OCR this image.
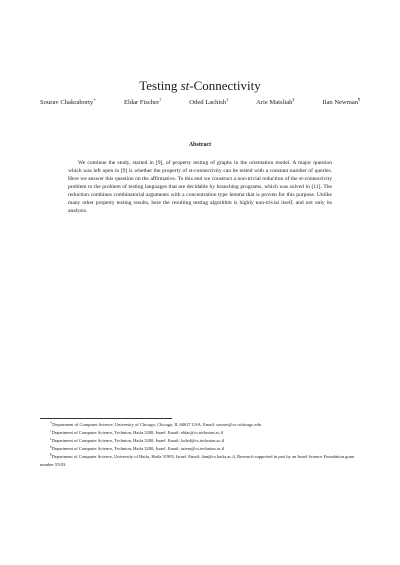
Testing st-Connectivity
Sourav Chakraborty∗	Eldar Fischer†	Oded Lachish‡	Arie Matsliah§	Ilan Newman¶
Abstract

We continue the study, started in [9], of property testing of graphs in the orientation model. A major question which was left open in [9] is whether the property of st-connectivity can be tested with a constant number of queries. Here we answer this question on the affirmative. To this end we construct a non-trivial reduction of the st-connectivity problem to the problem of testing languages that are decidable by branching programs, which was solved in [11]. The reduction combines combinatorial arguments with a concentration type lemma that is proven for this purpose. Unlike many other property testing results, here the resulting testing algorithm is highly non-trivial itself, and not only its analysis.

∗Department of Computer Science, University of Chicago, Chicago, IL 60637 USA. Email: sourav@cs.uchicago.edu

†Department of Computer Science, Technion, Haifa 3200, Israel. Email: eldar@cs.technion.ac.il

‡Department of Computer Science, Technion, Haifa 3200, Israel. Email: loded@cs.technion.ac.il

§Department of Computer Science, Technion, Haifa 3200, Israel. Email: ariem@cs.technion.ac.il

¶Department of Computer Science, University of Haifa, Haifa 31905, Israel. Email: ilan@cs.haifa.ac.il, Research supported in part by an Israel Science Foundation grant number 55/03.
